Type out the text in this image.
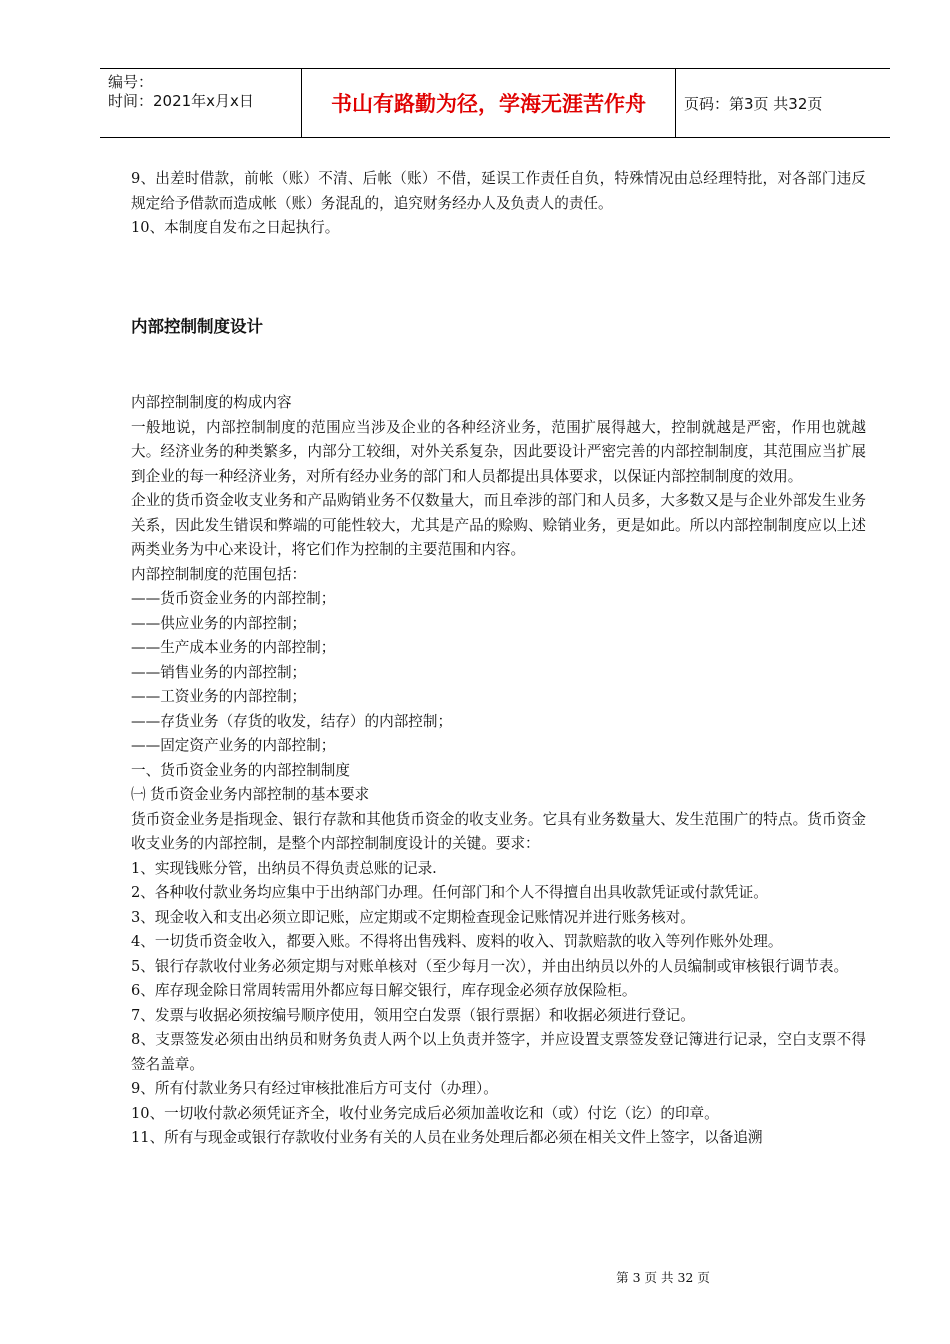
编号：
时间：2021年x月x日	书山有路勤为径，学海无涯苦作舟	页码：第3页 共32页

9、出差时借款，前帐（账）不清、后帐（账）不借，延误工作责任自负，特殊情况由总经理特批，对各部门违反规定给予借款而造成帐（账）务混乱的，追究财务经办人及负责人的责任。

10、本制度自发布之日起执行。

内部控制制度设计

内部控制制度的构成内容

一般地说，内部控制制度的范围应当涉及企业的各种经济业务，范围扩展得越大，控制就越是严密，作用也就越大。经济业务的种类繁多，内部分工较细，对外关系复杂，因此要设计严密完善的内部控制制度，其范围应当扩展到企业的每一种经济业务，对所有经办业务的部门和人员都提出具体要求，以保证内部控制制度的效用。

企业的货币资金收支业务和产品购销业务不仅数量大，而且牵涉的部门和人员多，大多数又是与企业外部发生业务关系，因此发生错误和弊端的可能性较大，尤其是产品的赊购、赊销业务，更是如此。所以内部控制制度应以上述两类业务为中心来设计，将它们作为控制的主要范围和内容。

内部控制制度的范围包括：

——货币资金业务的内部控制；

——供应业务的内部控制；

——生产成本业务的内部控制；

——销售业务的内部控制；

——工资业务的内部控制；

——存货业务（存货的收发，结存）的内部控制；

——固定资产业务的内部控制；

一、货币资金业务的内部控制制度

㈠ 货币资金业务内部控制的基本要求

货币资金业务是指现金、银行存款和其他货币资金的收支业务。它具有业务数量大、发生范围广的特点。货币资金收支业务的内部控制，是整个内部控制制度设计的关键。要求：

1、实现钱账分管，出纳员不得负责总账的记录.

2、各种收付款业务均应集中于出纳部门办理。任何部门和个人不得擅自出具收款凭证或付款凭证。

3、现金收入和支出必须立即记账，应定期或不定期检查现金记账情况并进行账务核对。

4、一切货币资金收入，都要入账。不得将出售残料、废料的收入、罚款赔款的收入等列作账外处理。

5、银行存款收付业务必须定期与对账单核对（至少每月一次），并由出纳员以外的人员编制或审核银行调节表。

6、库存现金除日常周转需用外都应每日解交银行，库存现金必须存放保险柜。

7、发票与收据必须按编号顺序使用，领用空白发票（银行票据）和收据必须进行登记。

8、支票签发必须由出纳员和财务负责人两个以上负责并签字，并应设置支票签发登记簿进行记录，空白支票不得签名盖章。

9、所有付款业务只有经过审核批准后方可支付（办理）。

10、一切收付款必须凭证齐全，收付业务完成后必须加盖收讫和（或）付讫（讫）的印章。

11、所有与现金或银行存款收付业务有关的人员在业务处理后都必须在相关文件上签字，以备追溯

第 3 页 共 32 页
